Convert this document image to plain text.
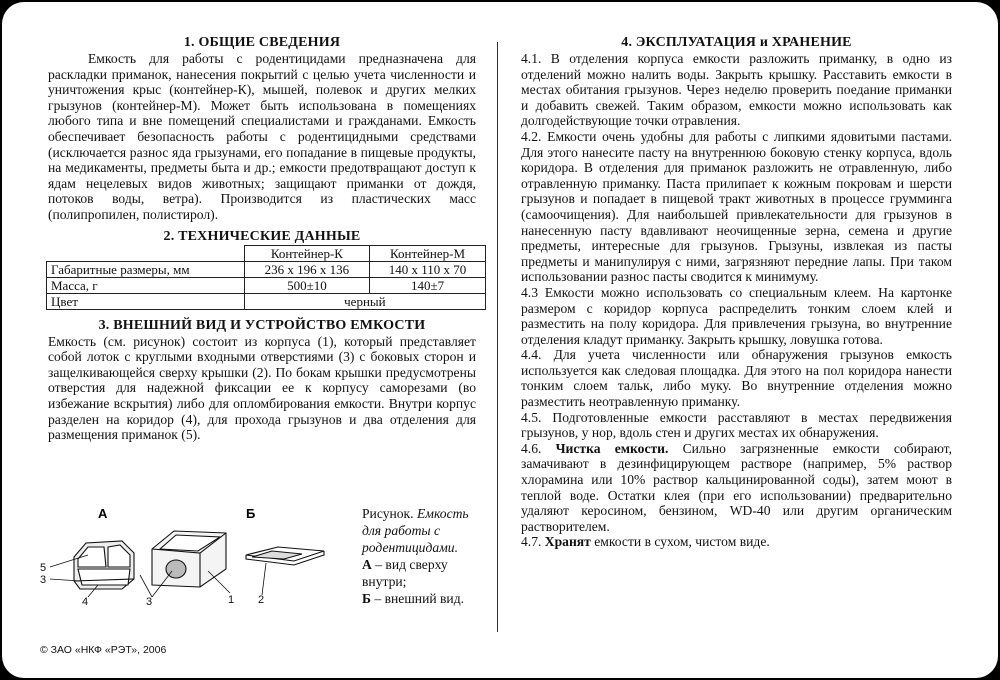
1. ОБЩИЕ СВЕДЕНИЯ

Емкость для работы с родентицидами предназначена для раскладки приманок, нанесения покрытий с целью учета численности и уничтожения крыс (контейнер-К), мышей, полевок и других мелких грызунов (контейнер-М). Может быть использована в помещениях любого типа и вне помещений специалистами и гражданами. Емкость обеспечивает безопасность работы с родентицидными средствами (исключается разнос яда грызунами, его попадание в пищевые продукты, на медикаменты, предметы быта и др.; емкости предотвращают доступ к ядам нецелевых видов животных; защищают приманки от дождя, потоков воды, ветра). Производится из пластических масс (полипропилен, полистирол).

2. ТЕХНИЧЕСКИЕ ДАННЫЕ
	Контейнер-К	Контейнер-М
Габаритные размеры, мм	236 х 196 х 136	140 х 110 х 70
Масса, г	500±10	140±7
Цвет	черный	
3. ВНЕШНИЙ ВИД И УСТРОЙСТВО ЕМКОСТИ

Емкость (см. рисунок) состоит из корпуса (1), который представляет собой лоток с круглыми входными отверстиями (3) с боковых сторон и защелкивающейся сверху крышки (2). По бокам крышки предусмотрены отверстия для надежной фиксации ее к корпусу саморезами (во избежание вскрытия) либо для опломбирования емкости. Внутри корпус разделен на коридор (4), для прохода грызунов и два отделения для размещения приманок (5).

А	Б
5
3
4	3	1 2
Рисунок. Емкость для работы с родентицидами.
А – вид сверху внутри;
Б – внешний вид.
© ЗАО «НКФ «РЭТ», 2006
4. ЭКСПЛУАТАЦИЯ и ХРАНЕНИЕ

4.1. В отделения корпуса емкости разложить приманку, в одно из отделений можно налить воды. Закрыть крышку. Расставить емкости в местах обитания грызунов. Через неделю проверить поедание приманки и добавить свежей. Таким образом, емкости можно использовать как долгодействующие точки отравления.

4.2. Емкости очень удобны для работы с липкими ядовитыми пастами. Для этого нанесите пасту на внутреннюю боковую стенку корпуса, вдоль коридора. В отделения для приманок разложить не отравленную, либо отравленную приманку. Паста прилипает к кожным покровам и шерсти грызунов и попадает в пищевой тракт животных в процессе грумминга (самоочищения). Для наибольшей привлекательности для грызунов в нанесенную пасту вдавливают неочищенные зерна, семена и другие предметы, интересные для грызунов. Грызуны, извлекая из пасты предметы и манипулируя с ними, загрязняют передние лапы. При таком использовании разнос пасты сводится к минимуму.

4.3 Емкости можно использовать со специальным клеем. На картонке размером с коридор корпуса распределить тонким слоем клей и разместить на полу коридора. Для привлечения грызуна, во внутренние отделения кладут приманку. Закрыть крышку, ловушка готова.

4.4. Для учета численности или обнаружения грызунов емкость используется как следовая площадка. Для этого на пол коридора нанести тонким слоем тальк, либо муку. Во внутренние отделения можно разместить неотравленную приманку.

4.5. Подготовленные емкости расставляют в местах передвижения грызунов, у нор, вдоль стен и других местах их обнаружения.

4.6. Чистка емкости. Сильно загрязненные емкости собирают, замачивают в дезинфицирующем растворе (например, 5% раствор хлорамина или 10% раствор кальцинированной соды), затем моют в теплой воде. Остатки клея (при его использовании) предварительно удаляют керосином, бензином, WD-40 или другим органическим растворителем.

4.7. Хранят емкости в сухом, чистом виде.
